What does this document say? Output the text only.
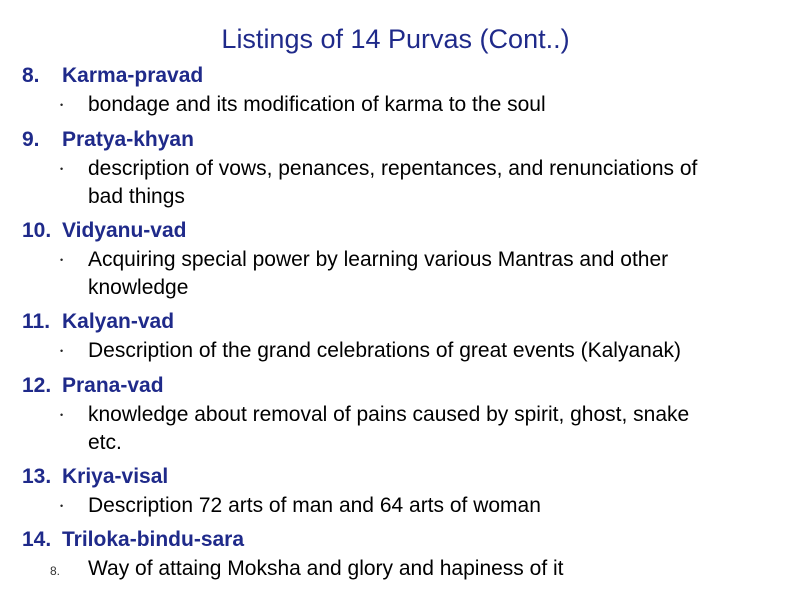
Listings of 14 Purvas (Cont..)
8. Karma-pravad
• bondage and its modification of karma to the soul
9. Pratya-khyan
• description of vows, penances, repentances, and renunciations of
bad things
10. Vidyanu-vad
• Acquiring special power by learning various Mantras and other
knowledge
11. Kalyan-vad
• Description of the grand celebrations of great events (Kalyanak)
12. Prana-vad
• knowledge about removal of pains caused by spirit, ghost, snake
etc.
13. Kriya-visal
• Description 72 arts of man and 64 arts of woman
14. Triloka-bindu-sara
8. Way of attaing Moksha and glory and hapiness of it
